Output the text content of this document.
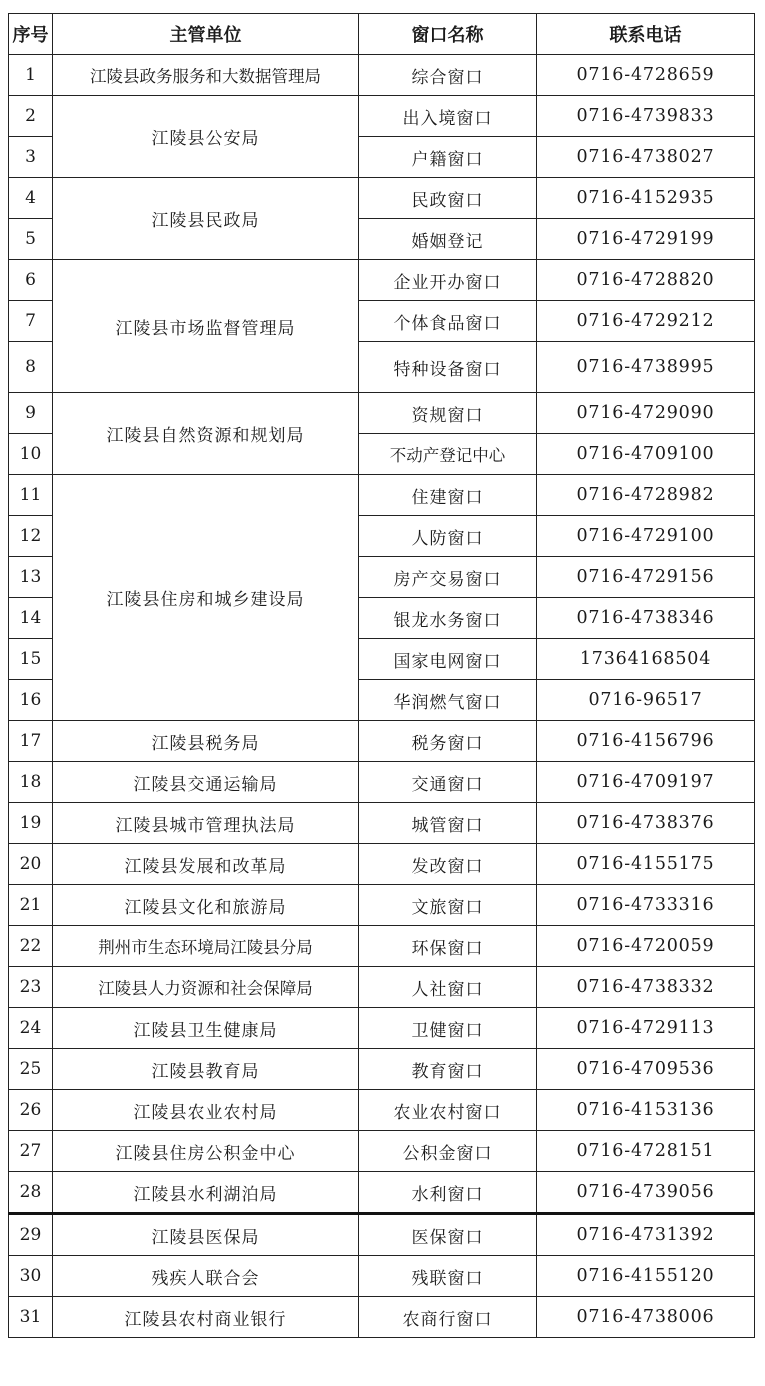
序号	主管单位	窗口名称	联系电话
1	江陵县政务服务和大数据管理局	综合窗口	0716-4728659
2	江陵县公安局	出入境窗口	0716-4739833
3		户籍窗口	0716-4738027
4	江陵县民政局	民政窗口	0716-4152935
5		婚姻登记	0716-4729199
6	江陵县市场监督管理局	企业开办窗口	0716-4728820
7		个体食品窗口	0716-4729212
8		特种设备窗口	0716-4738995
9	江陵县自然资源和规划局	资规窗口	0716-4729090
10		不动产登记中心	0716-4709100
11	江陵县住房和城乡建设局	住建窗口	0716-4728982
12		人防窗口	0716-4729100
13		房产交易窗口	0716-4729156
14		银龙水务窗口	0716-4738346
15		国家电网窗口	17364168504
16		华润燃气窗口	0716-96517
17	江陵县税务局	税务窗口	0716-4156796
18	江陵县交通运输局	交通窗口	0716-4709197
19	江陵县城市管理执法局	城管窗口	0716-4738376
20	江陵县发展和改革局	发改窗口	0716-4155175
21	江陵县文化和旅游局	文旅窗口	0716-4733316
22	荆州市生态环境局江陵县分局	环保窗口	0716-4720059
23	江陵县人力资源和社会保障局	人社窗口	0716-4738332
24	江陵县卫生健康局	卫健窗口	0716-4729113
25	江陵县教育局	教育窗口	0716-4709536
26	江陵县农业农村局	农业农村窗口	0716-4153136
27	江陵县住房公积金中心	公积金窗口	0716-4728151
28	江陵县水利湖泊局	水利窗口	0716-4739056
29	江陵县医保局	医保窗口	0716-4731392
30	残疾人联合会	残联窗口	0716-4155120
31	江陵县农村商业银行	农商行窗口	0716-4738006
